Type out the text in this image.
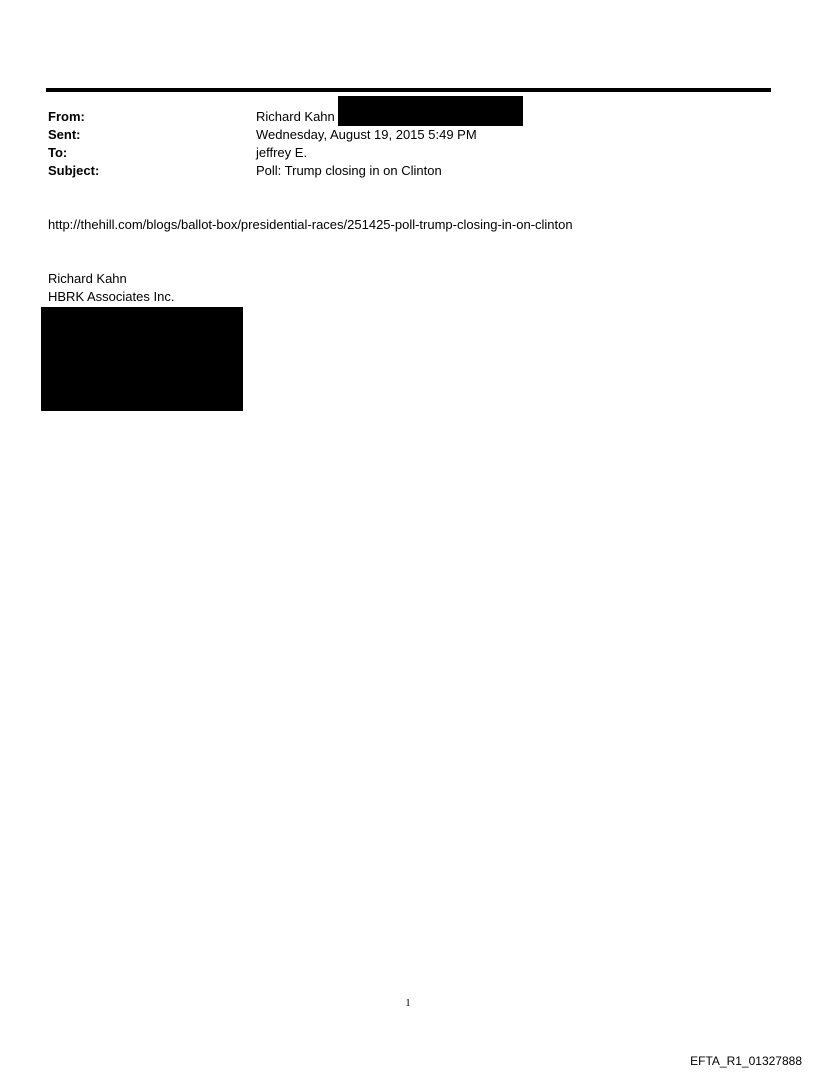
From:	Richard Kahn
Sent:	Wednesday, August 19, 2015 5:49 PM
To:	jeffrey E.
Subject:	Poll: Trump closing in on Clinton
http://thehill.com/blogs/ballot-box/presidential-races/251425-poll-trump-closing-in-on-clinton
Richard Kahn
HBRK Associates Inc.
1
EFTA_R1_01327888
